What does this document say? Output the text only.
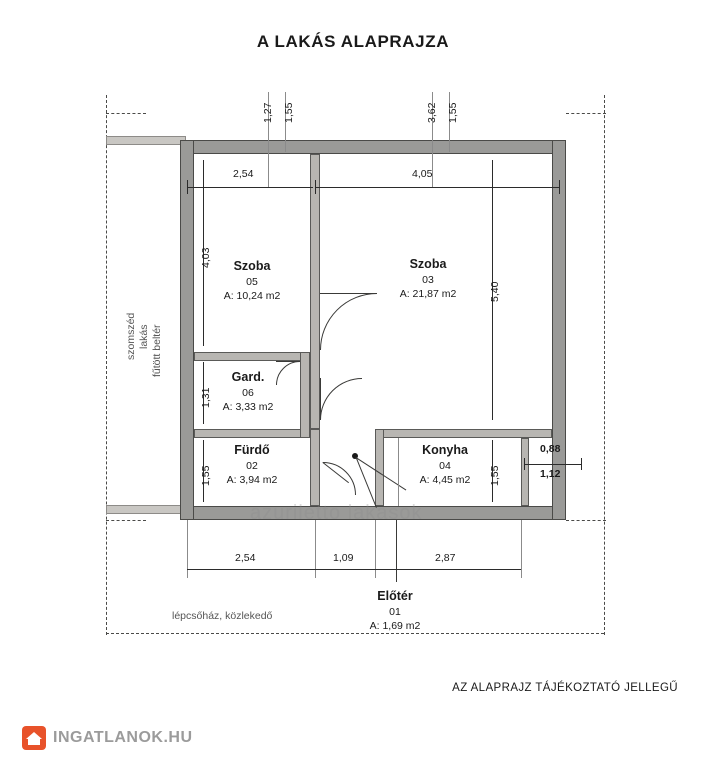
A LAKÁS ALAPRAJZA
szomszéd lakás fűtött beltér
Szoba
05
A: 10,24 m2
Szoba
03
A: 21,87 m2
Gard.
06
A: 3,33 m2
Fürdő
02
A: 3,94 m2
Konyha
04
A: 4,45 m2
Előtér
01
A: 1,69 m2
1,27 1,55	3,62 1,55
2,54	4,05
4,03
1,31
1,55
5,40
1,55
0,88
1,12
2,54	1,09	2,87
lépcsőház, közlekedő
azuriletto lakasok
AZ ALAPRAJZ TÁJÉKOZTATÓ JELLEGŰ
INGATLANOK.HU
